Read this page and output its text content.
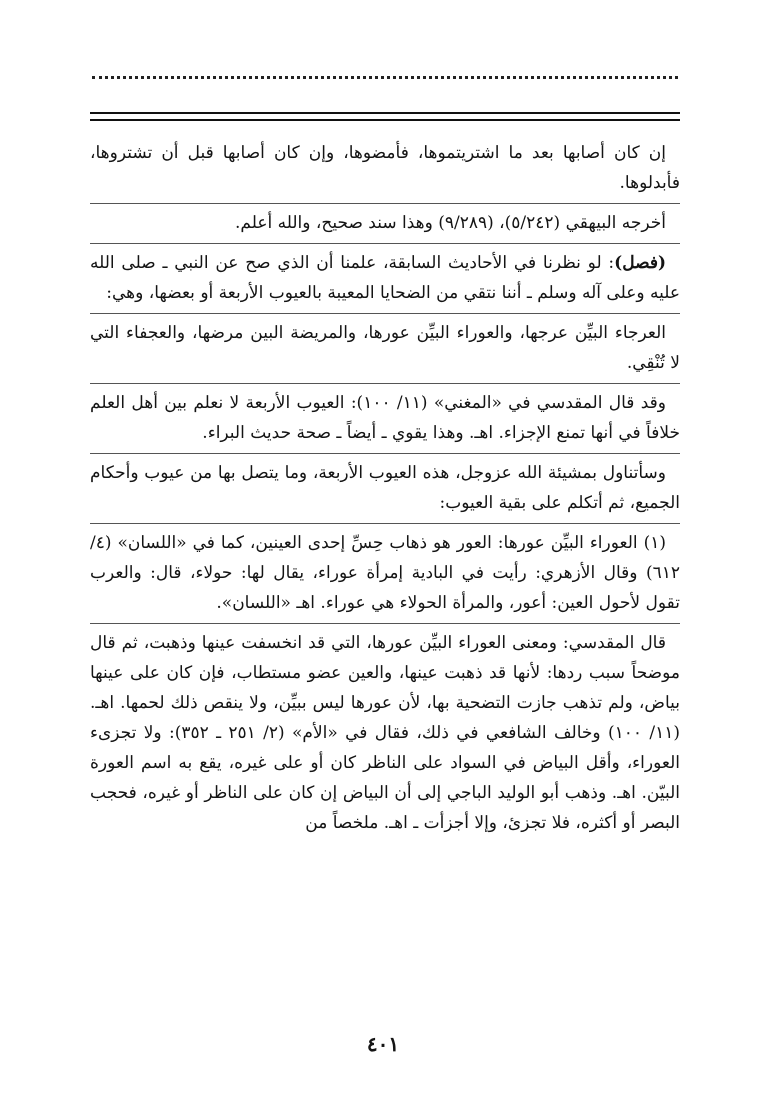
إن كان أصابها بعد ما اشتريتموها، فأمضوها، وإن كان أصابها قبل أن تشتروها، فأبدلوها.

أخرجه البيهقي (٥/٢٤٢)، (٩/٢٨٩) وهذا سند صحيح، والله أعلم.

(فصل): لو نظرنا في الأحاديث السابقة، علمنا أن الذي صح عن النبي ـ صلى الله عليه وعلى آله وسلم ـ أننا نتقي من الضحايا المعيبة بالعيوب الأربعة أو بعضها، وهي:

العرجاء البيِّن عرجها، والعوراء البيِّن عورها، والمريضة البين مرضها، والعجفاء التي لا تُنْقِي.

وقد قال المقدسي في «المغني» (١١/ ١٠٠): العيوب الأربعة لا نعلم بين أهل العلم خلافاً في أنها تمنع الإجزاء. اهـ. وهذا يقوي ـ أيضاً ـ صحة حديث البراء.

وسأتناول بمشيئة الله عزوجل، هذه العيوب الأربعة، وما يتصل بها من عيوب وأحكام الجميع، ثم أتكلم على بقية العيوب:

(١) العوراء البيِّن عورها: العور هو ذهاب حِسِّ إحدى العينين، كما في «اللسان» (٤/ ٦١٢) وقال الأزهري: رأيت في البادية إمرأة عوراء، يقال لها: حولاء، قال: والعرب تقول لأحول العين: أعور، والمرأة الحولاء هي عوراء. اهـ «اللسان».

قال المقدسي: ومعنى العوراء البيِّن عورها، التي قد انخسفت عينها وذهبت، ثم قال موضحاً سبب ردها: لأنها قد ذهبت عينها، والعين عضو مستطاب، فإن كان على عينها بياض، ولم تذهب جازت التضحية بها، لأن عورها ليس ببيِّن، ولا ينقص ذلك لحمها. اهـ. (١١/ ١٠٠) وخالف الشافعي في ذلك، فقال في «الأم» (٢/ ٢٥١ ـ ٣٥٢): ولا تجزىء العوراء، وأقل البياض في السواد على الناظر كان أو على غيره، يقع به اسم العورة البيّن. اهـ. وذهب أبو الوليد الباجي إلى أن البياض إن كان على الناظر أو غيره، فحجب البصر أو أكثره، فلا تجزئ، وإلا أجزأت ـ اهـ. ملخصاً من

٤٠١
